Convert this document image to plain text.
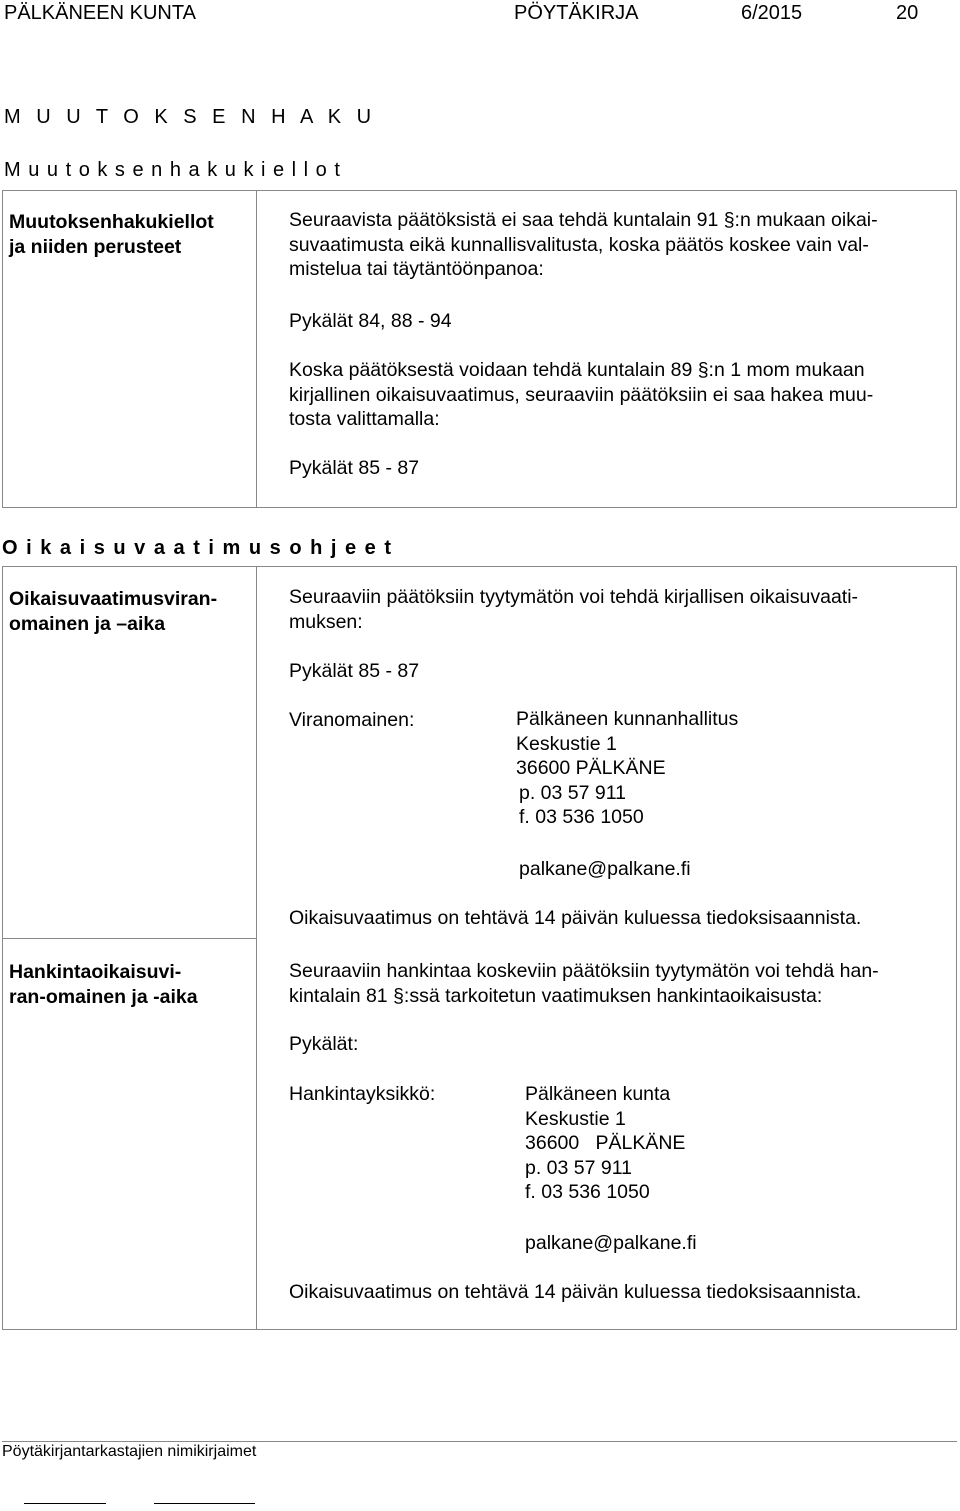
PÄLKÄNEEN KUNTA	PÖYTÄKIRJA	6/2015	20
M U U T O K S E N H A K U
M u u t o k s e n h a k u k i e l l o t
Muutoksenhakukiellot
ja niiden perusteet
Seuraavista päätöksistä ei saa tehdä kuntalain 91 §:n mukaan oikai-
suvaatimusta eikä kunnallisvalitusta, koska päätös koskee vain val-
mistelua tai täytäntöönpanoa:
Pykälät 84, 88 - 94
Koska päätöksestä voidaan tehdä kuntalain 89 §:n 1 mom mukaan
kirjallinen oikaisuvaatimus, seuraaviin päätöksiin ei saa hakea muu-
tosta valittamalla:
Pykälät 85 - 87
O i k a i s u v a a t i m u s o h j e e t
Oikaisuvaatimusviran-
omainen ja –aika
Seuraaviin päätöksiin tyytymätön voi tehdä kirjallisen oikaisuvaati-
muksen:
Pykälät 85 - 87
Viranomainen:	Pälkäneen kunnanhallitus
Keskustie 1
36600 PÄLKÄNE
p. 03 57 911
f. 03 536 1050
palkane@palkane.fi
Oikaisuvaatimus on tehtävä 14 päivän kuluessa tiedoksisaannista.
Hankintaoikaisuvi-
ran-omainen ja -aika
Seuraaviin hankintaa koskeviin päätöksiin tyytymätön voi tehdä han-
kintalain 81 §:ssä tarkoitetun vaatimuksen hankintaoikaisusta:
Pykälät:
Hankintayksikkö:	Pälkäneen kunta
Keskustie 1
36600   PÄLKÄNE
p. 03 57 911
f. 03 536 1050
palkane@palkane.fi
Oikaisuvaatimus on tehtävä 14 päivän kuluessa tiedoksisaannista.
Pöytäkirjantarkastajien nimikirjaimet
